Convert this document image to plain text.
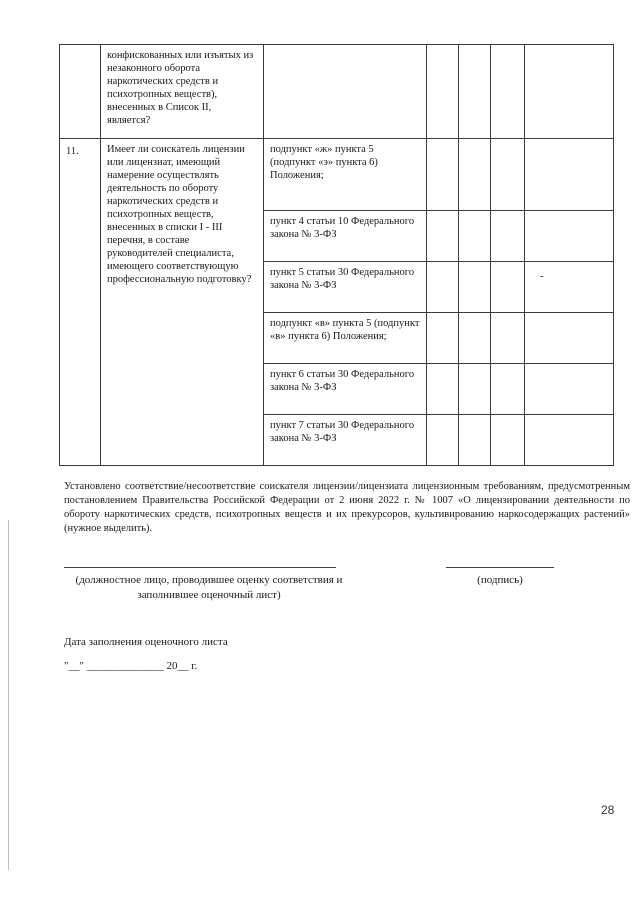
	конфискованных или изъятых из незаконного оборота наркотических средств и психотропных веществ), внесенных в Список II, является?					
11.	Имеет ли соискатель лицензии или лицензиат, имеющий намерение осуществлять деятельность по обороту наркотических средств и психотропных веществ, внесенных в списки I - III перечня, в составе руководителей специалиста, имеющего соответствующую профессиональную подготовку?	подпункт «ж» пункта 5 (подпункт «э» пункта 6) Положения;				
		пункт 4 статьи 10 Федерального закона № 3-ФЗ				
		пункт 5 статьи 30 Федерального закона № 3-ФЗ				-
		подпункт «в» пункта 5 (подпункт «в» пункта 6) Положения;				
		пункт 6 статьи 30 Федерального закона № 3-ФЗ				
		пункт 7 статьи 30 Федерального закона № 3-ФЗ				
Установлено соответствие/несоответствие соискателя лицензии/лицензиата лицензионным требованиям, предусмотренным постановлением Правительства Российской Федерации от 2 июня 2022 г. № 1007 «О лицензировании деятельности по обороту наркотических средств, психотропных веществ и их прекурсоров, культивированию наркосодержащих растений» (нужное выделить).
(должностное лицо, проводившее оценку соответствия и заполнившее оценочный лист)
(подпись)
Дата заполнения оценочного листа
"__" ______________ 20__ г.
28
